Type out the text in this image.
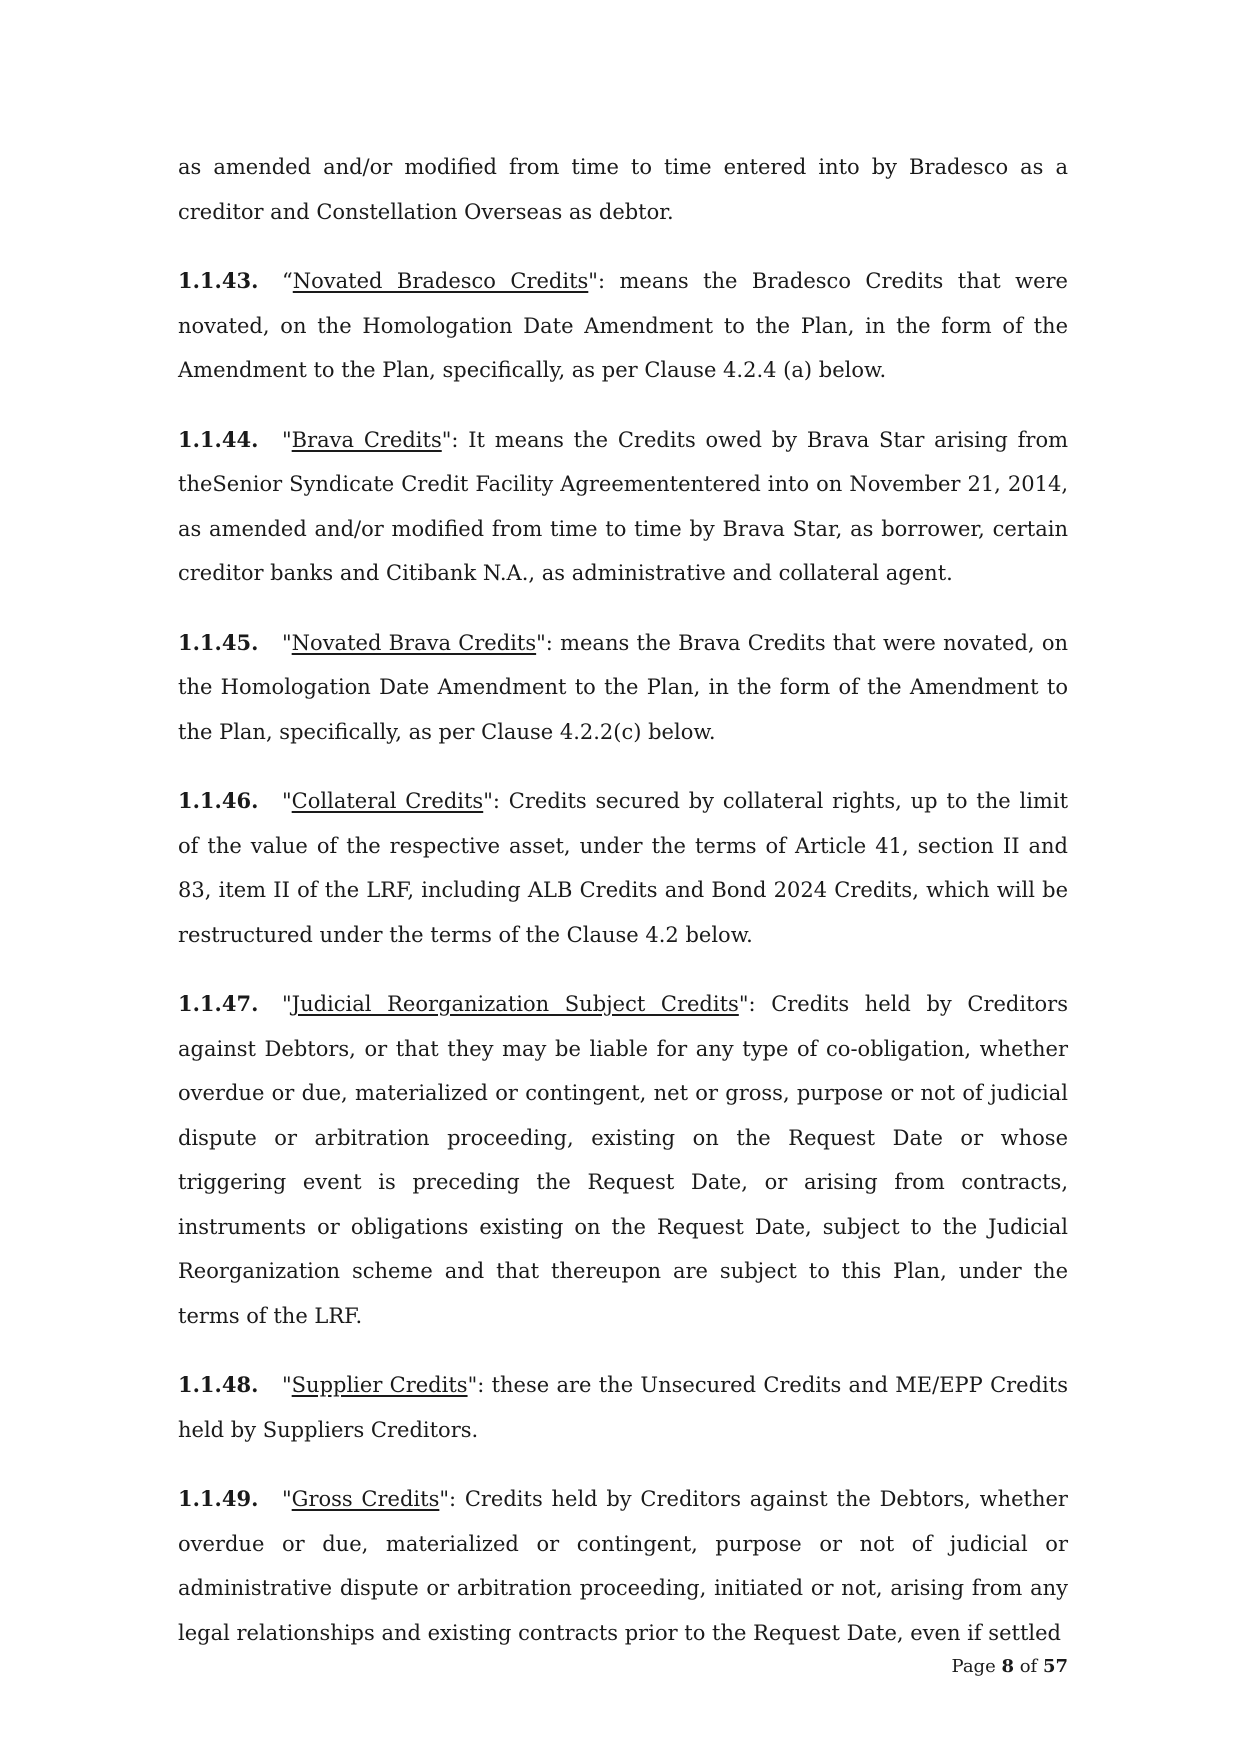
as amended and/or modified from time to time entered into by Bradesco as a creditor and Constellation Overseas as debtor.

1.1.43. “Novated Bradesco Credits": means the Bradesco Credits that were novated, on the Homologation Date Amendment to the Plan, in the form of the Amendment to the Plan, specifically, as per Clause 4.2.4 (a) below.

1.1.44. "Brava Credits": It means the Credits owed by Brava Star arising from theSenior Syndicate Credit Facility Agreemententered into on November 21, 2014, as amended and/or modified from time to time by Brava Star, as borrower, certain creditor banks and Citibank N.A., as administrative and collateral agent.

1.1.45. "Novated Brava Credits": means the Brava Credits that were novated, on the Homologation Date Amendment to the Plan, in the form of the Amendment to the Plan, specifically, as per Clause 4.2.2(c) below.

1.1.46. "Collateral Credits": Credits secured by collateral rights, up to the limit of the value of the respective asset, under the terms of Article 41, section II and 83, item II of the LRF, including ALB Credits and Bond 2024 Credits, which will be restructured under the terms of the Clause 4.2 below.

1.1.47. "Judicial Reorganization Subject Credits": Credits held by Creditors against Debtors, or that they may be liable for any type of co-obligation, whether overdue or due, materialized or contingent, net or gross, purpose or not of judicial dispute or arbitration proceeding, existing on the Request Date or whose triggering event is preceding the Request Date, or arising from contracts, instruments or obligations existing on the Request Date, subject to the Judicial Reorganization scheme and that thereupon are subject to this Plan, under the terms of the LRF.

1.1.48. "Supplier Credits": these are the Unsecured Credits and ME/EPP Credits held by Suppliers Creditors.

1.1.49. "Gross Credits": Credits held by Creditors against the Debtors, whether overdue or due, materialized or contingent, purpose or not of judicial or administrative dispute or arbitration proceeding, initiated or not, arising from any legal relationships and existing contracts prior to the Request Date, even if settled

Page 8 of 57
